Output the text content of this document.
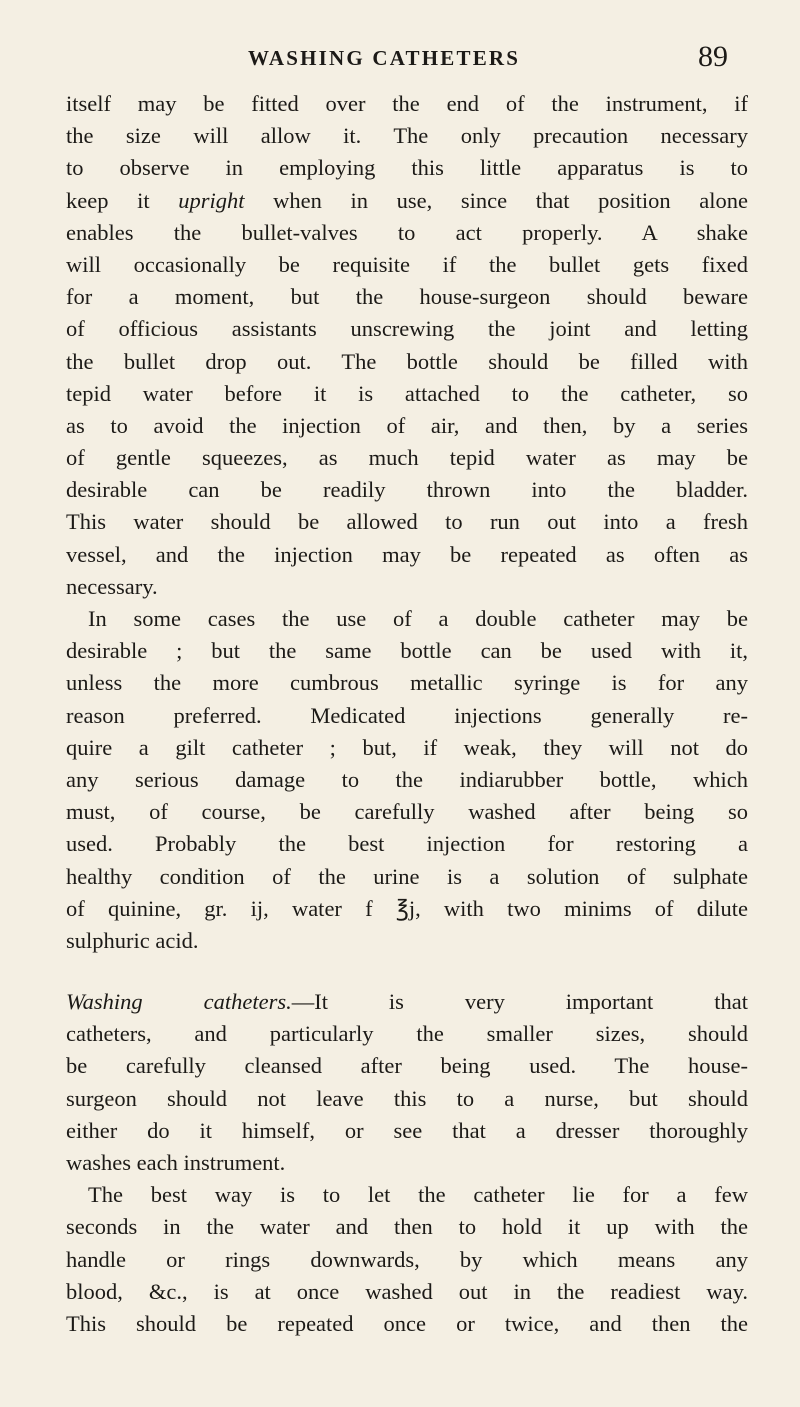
WASHING CATHETERS	89
itself may be fitted over the end of the instrument, if
the size will allow it. The only precaution necessary
to observe in employing this little apparatus is to
keep it upright when in use, since that position alone
enables the bullet-valves to act properly. A shake
will occasionally be requisite if the bullet gets fixed
for a moment, but the house-surgeon should beware
of officious assistants unscrewing the joint and letting
the bullet drop out. The bottle should be filled with
tepid water before it is attached to the catheter, so
as to avoid the injection of air, and then, by a series
of gentle squeezes, as much tepid water as may be
desirable can be readily thrown into the bladder.
This water should be allowed to run out into a fresh
vessel, and the injection may be repeated as often as
necessary.
In some cases the use of a double catheter may be
desirable ; but the same bottle can be used with it,
unless the more cumbrous metallic syringe is for any
reason preferred. Medicated injections generally re-
quire a gilt catheter ; but, if weak, they will not do
any serious damage to the indiarubber bottle, which
must, of course, be carefully washed after being so
used. Probably the best injection for restoring a
healthy condition of the urine is a solution of sulphate
of quinine, gr. ij, water f ℥j, with two minims of dilute
sulphuric acid.
Washing catheters.—It is very important that
catheters, and particularly the smaller sizes, should
be carefully cleansed after being used. The house-
surgeon should not leave this to a nurse, but should
either do it himself, or see that a dresser thoroughly
washes each instrument.
The best way is to let the catheter lie for a few
seconds in the water and then to hold it up with the
handle or rings downwards, by which means any
blood, &c., is at once washed out in the readiest way.
This should be repeated once or twice, and then the
